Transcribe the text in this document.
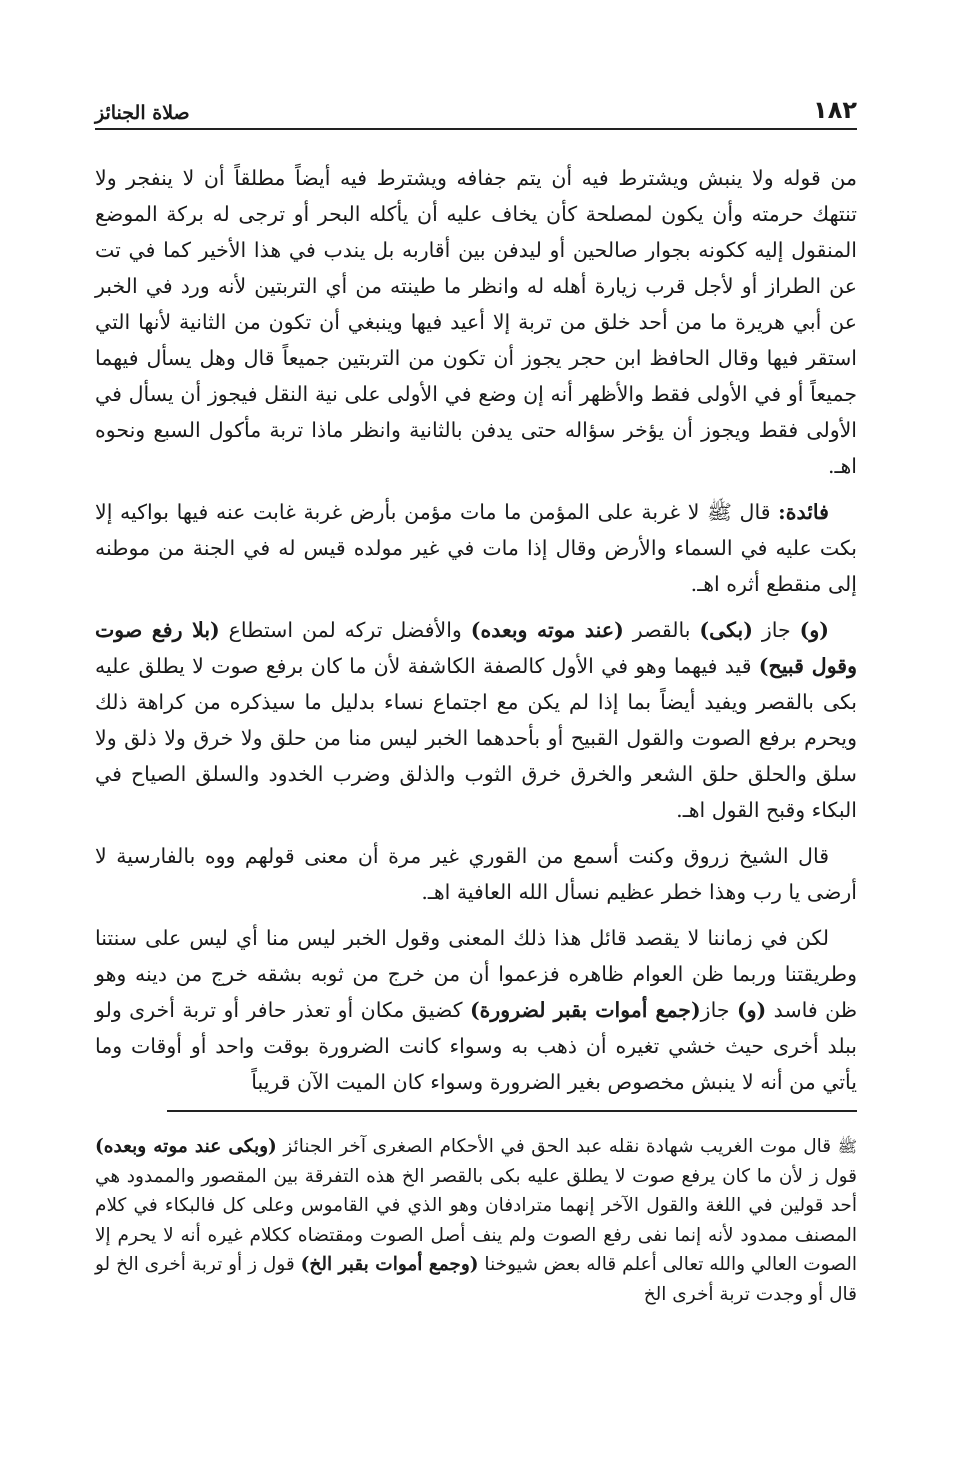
١٨٢
صلاة الجنائز

من قوله ولا ينبش ويشترط فيه أن يتم جفافه ويشترط فيه أيضاً مطلقاً أن لا ينفجر ولا تنتهك حرمته وأن يكون لمصلحة كأن يخاف عليه أن يأكله البحر أو ترجى له بركة الموضع المنقول إليه ككونه بجوار صالحين أو ليدفن بين أقاربه بل يندب في هذا الأخير كما في تت عن الطراز أو لأجل قرب زيارة أهله له وانظر ما طينته من أي التربتين لأنه ورد في الخبر عن أبي هريرة ما من أحد خلق من تربة إلا أعيد فيها وينبغي أن تكون من الثانية لأنها التي استقر فيها وقال الحافظ ابن حجر يجوز أن تكون من التربتين جميعاً قال وهل يسأل فيهما جميعاً أو في الأولى فقط والأظهر أنه إن وضع في الأولى على نية النقل فيجوز أن يسأل في الأولى فقط ويجوز أن يؤخر سؤاله حتى يدفن بالثانية وانظر ماذا تربة مأكول السبع ونحوه اهـ.

فائدة: قال ﷺ لا غربة على المؤمن ما مات مؤمن بأرض غربة غابت عنه فيها بواكيه إلا بكت عليه في السماء والأرض وقال إذا مات في غير مولده قيس له في الجنة من موطنه إلى منقطع أثره اهـ.

(و) جاز (بكى) بالقصر (عند موته وبعده) والأفضل تركه لمن استطاع (بلا رفع صوت وقول قبيح) قيد فيهما وهو في الأول كالصفة الكاشفة لأن ما كان برفع صوت لا يطلق عليه بكى بالقصر ويفيد أيضاً بما إذا لم يكن مع اجتماع نساء بدليل ما سيذكره من كراهة ذلك ويحرم برفع الصوت والقول القبيح أو بأحدهما الخبر ليس منا من حلق ولا خرق ولا ذلق ولا سلق والحلق حلق الشعر والخرق خرق الثوب والذلق وضرب الخدود والسلق الصياح في البكاء وقبح القول اهـ.

قال الشيخ زروق وكنت أسمع من القوري غير مرة أن معنى قولهم ووه بالفارسية لا أرضى يا رب وهذا خطر عظيم نسأل الله العافية اهـ.

لكن في زماننا لا يقصد قائل هذا ذلك المعنى وقول الخبر ليس منا أي ليس على سنتنا وطريقتنا وربما ظن العوام ظاهره فزعموا أن من خرج من ثوبه بشقه خرج من دينه وهو ظن فاسد (و) جاز(جمع أموات بقبر لضرورة) كضيق مكان أو تعذر حافر أو تربة أخرى ولو ببلد أخرى حيث خشي تغيره أن ذهب به وسواء كانت الضرورة بوقت واحد أو أوقات وما يأتي من أنه لا ينبش مخصوص بغير الضرورة وسواء كان الميت الآن قريباً

ﷺ قال موت الغريب شهادة نقله عبد الحق في الأحكام الصغرى آخر الجنائز (وبكى عند موته وبعده) قول ز لأن ما كان يرفع صوت لا يطلق عليه بكى بالقصر الخ هذه التفرقة بين المقصور والممدود هي أحد قولين في اللغة والقول الآخر إنهما مترادفان وهو الذي في القاموس وعلى كل فالبكاء في كلام المصنف ممدود لأنه إنما نفى رفع الصوت ولم ينف أصل الصوت ومقتضاه ككلام غيره أنه لا يحرم إلا الصوت العالي والله تعالى أعلم قاله بعض شيوخنا (وجمع أموات بقبر الخ) قول ز أو تربة أخرى الخ لو قال أو وجدت تربة أخرى الخ
